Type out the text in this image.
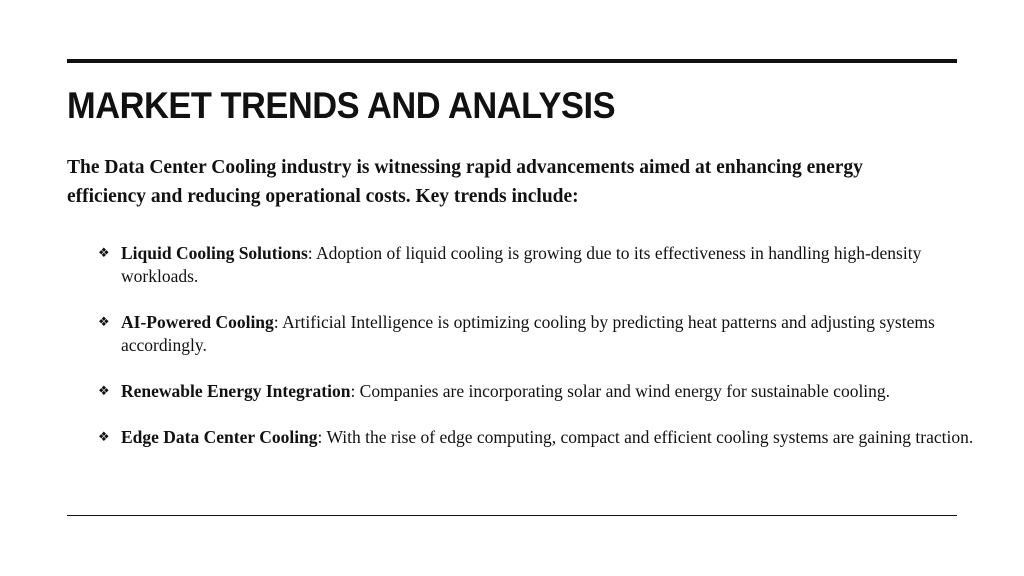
MARKET TRENDS AND ANALYSIS

The Data Center Cooling industry is witnessing rapid advancements aimed at enhancing energy efficiency and reducing operational costs. Key trends include:

❖ Liquid Cooling Solutions: Adoption of liquid cooling is growing due to its effectiveness in handling high-density workloads.
❖ AI-Powered Cooling: Artificial Intelligence is optimizing cooling by predicting heat patterns and adjusting systems accordingly.
❖ Renewable Energy Integration: Companies are incorporating solar and wind energy for sustainable cooling.
❖ Edge Data Center Cooling: With the rise of edge computing, compact and efficient cooling systems are gaining traction.
